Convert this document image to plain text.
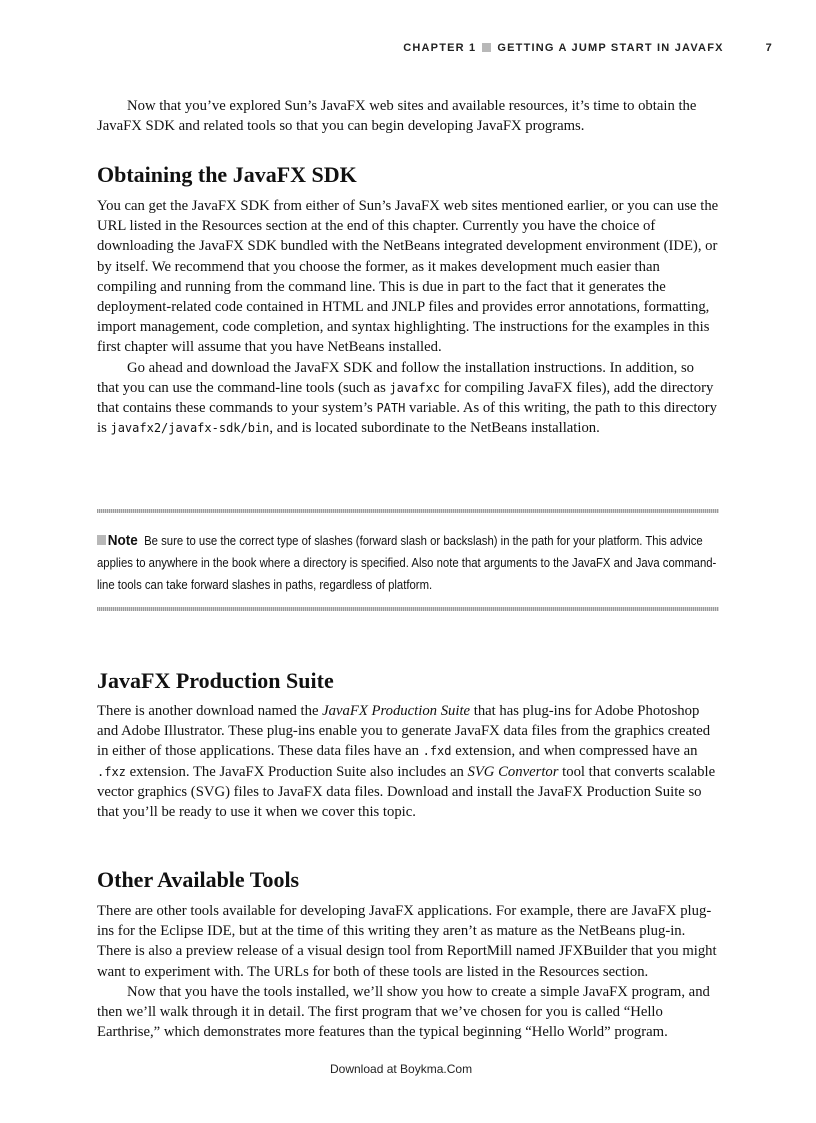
CHAPTER 1 GETTING A JUMP START IN JAVAFX	7

Now that you’ve explored Sun’s JavaFX web sites and available resources, it’s time to obtain the JavaFX SDK and related tools so that you can begin developing JavaFX programs.

Obtaining the JavaFX SDK

You can get the JavaFX SDK from either of Sun’s JavaFX web sites mentioned earlier, or you can use the URL listed in the Resources section at the end of this chapter. Currently you have the choice of downloading the JavaFX SDK bundled with the NetBeans integrated development environment (IDE), or by itself. We recommend that you choose the former, as it makes development much easier than compiling and running from the command line. This is due in part to the fact that it generates the deployment-related code contained in HTML and JNLP files and provides error annotations, formatting, import management, code completion, and syntax highlighting. The instructions for the examples in this first chapter will assume that you have NetBeans installed.

Go ahead and download the JavaFX SDK and follow the installation instructions. In addition, so that you can use the command-line tools (such as javafxc for compiling JavaFX files), add the directory that contains these commands to your system’s PATH variable. As of this writing, the path to this directory is javafx2/javafx-sdk/bin, and is located subordinate to the NetBeans installation.

Note Be sure to use the correct type of slashes (forward slash or backslash) in the path for your platform. This advice applies to anywhere in the book where a directory is specified. Also note that arguments to the JavaFX and Java command-line tools can take forward slashes in paths, regardless of platform.
JavaFX Production Suite

There is another download named the JavaFX Production Suite that has plug-ins for Adobe Photoshop and Adobe Illustrator. These plug-ins enable you to generate JavaFX data files from the graphics created in either of those applications. These data files have an .fxd extension, and when compressed have an .fxz extension. The JavaFX Production Suite also includes an SVG Convertor tool that converts scalable vector graphics (SVG) files to JavaFX data files. Download and install the JavaFX Production Suite so that you’ll be ready to use it when we cover this topic.

Other Available Tools

There are other tools available for developing JavaFX applications. For example, there are JavaFX plug-ins for the Eclipse IDE, but at the time of this writing they aren’t as mature as the NetBeans plug-in. There is also a preview release of a visual design tool from ReportMill named JFXBuilder that you might want to experiment with. The URLs for both of these tools are listed in the Resources section.

Now that you have the tools installed, we’ll show you how to create a simple JavaFX program, and then we’ll walk through it in detail. The first program that we’ve chosen for you is called “Hello Earthrise,” which demonstrates more features than the typical beginning “Hello World” program.

Download at Boykma.Com
